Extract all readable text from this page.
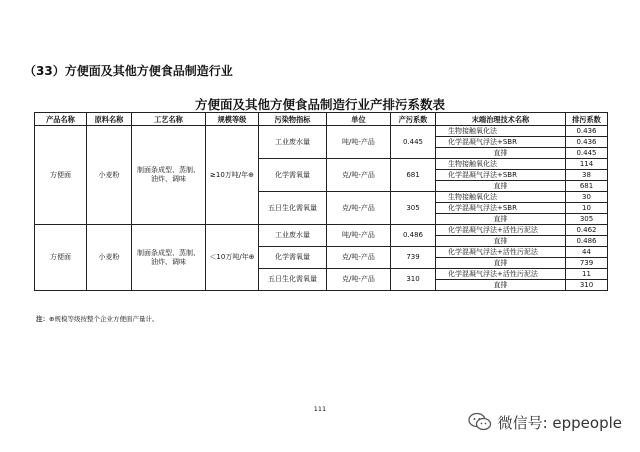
（33）方便面及其他方便食品制造行业
方便面及其他方便食品制造行业产排污系数表
产品名称	原料名称	工艺名称	规模等级	污染物指标	单位	产污系数	末端治理技术名称	排污系数
方便面	小麦粉	制面条成型、蒸制、油炸、调味	≥10万吨/年⊕	工业废水量	吨/吨-产品	0.445	生物接触氧化法	0.436
							化学混凝气浮法+SBR	0.436
							直排	0.445
				化学需氧量	克/吨-产品	681	生物接触氧化法	114
							化学混凝气浮法+SBR	38
							直排	681
				五日生化需氧量	克/吨-产品	305	生物接触氧化法	30
							化学混凝气浮法+SBR	10
							直排	305
方便面	小麦粉	制面条成型、蒸制、油炸、调味	＜10万吨/年⊕	工业废水量	吨/吨-产品	0.486	化学混凝气浮法+活性污泥法	0.462
							直排	0.486
				化学需氧量	克/吨-产品	739	化学混凝气浮法+活性污泥法	44
							直排	739
				五日生化需氧量	克/吨-产品	310	化学混凝气浮法+活性污泥法	11
							直排	310
注：⊕规模等级按整个企业方便面产量计。
111
微信号: eppeople
